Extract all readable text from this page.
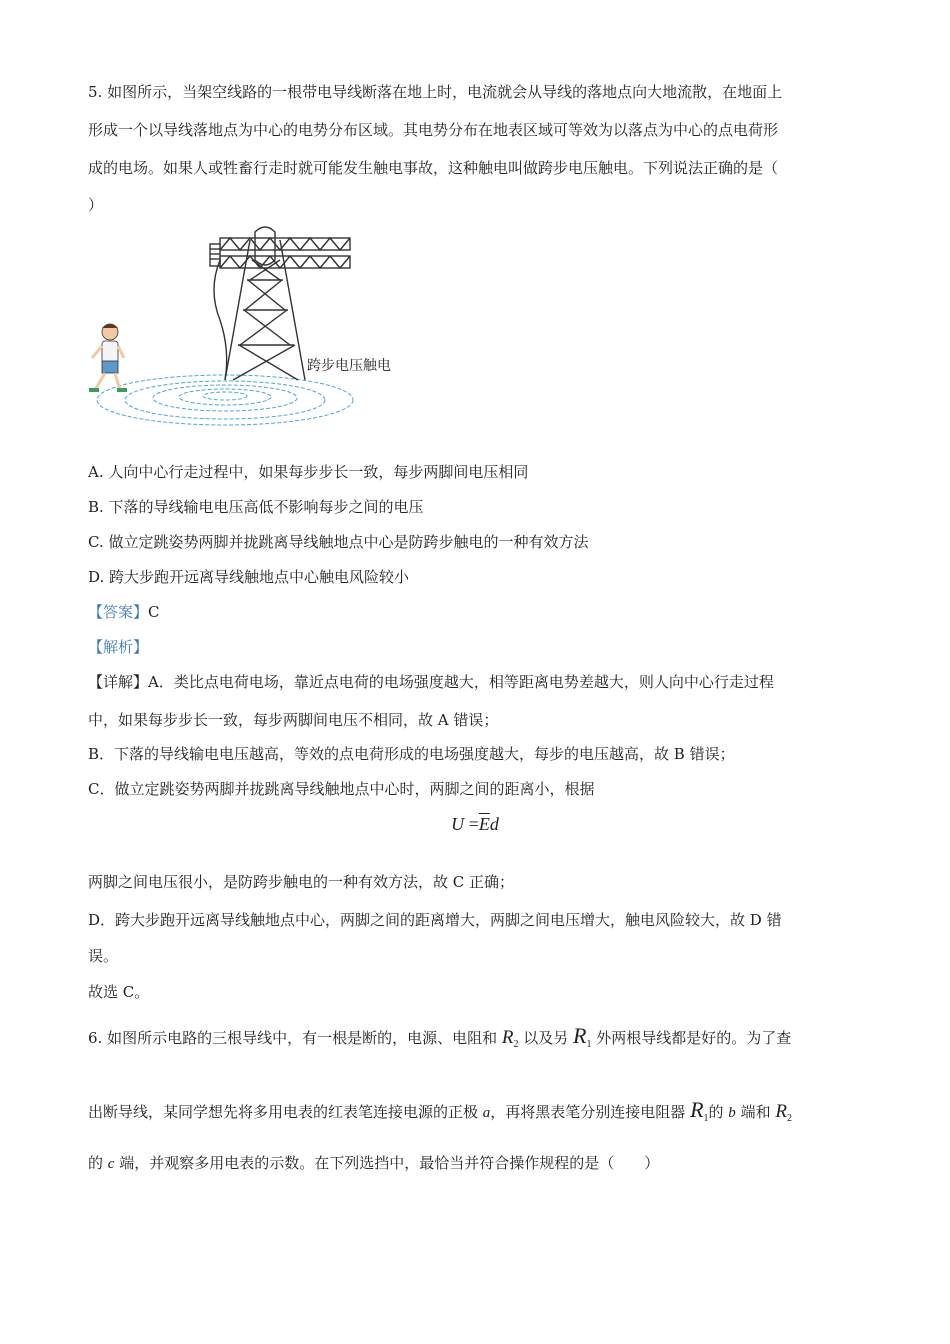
5. 如图所示，当架空线路的一根带电导线断落在地上时，电流就会从导线的落地点向大地流散，在地面上
形成一个以导线落地点为中心的电势分布区域。其电势分布在地表区域可等效为以落点为中心的点电荷形
成的电场。如果人或牲畜行走时就可能发生触电事故，这种触电叫做跨步电压触电。下列说法正确的是（
）
跨步电压触电
A. 人向中心行走过程中，如果每步步长一致，每步两脚间电压相同
B. 下落的导线输电电压高低不影响每步之间的电压
C. 做立定跳姿势两脚并拢跳离导线触地点中心是防跨步触电的一种有效方法
D. 跨大步跑开远离导线触地点中心触电风险较小
【答案】C
【解析】
【详解】A．类比点电荷电场，靠近点电荷的电场强度越大，相等距离电势差越大，则人向中心行走过程
中，如果每步步长一致，每步两脚间电压不相同，故 A 错误；
B．下落的导线输电电压越高，等效的点电荷形成的电场强度越大，每步的电压越高，故 B 错误；
C．做立定跳姿势两脚并拢跳离导线触地点中心时，两脚之间的距离小，根据
$U =\overline{E}d$
两脚之间电压很小，是防跨步触电的一种有效方法，故 C 正确；
D．跨大步跑开远离导线触地点中心，两脚之间的距离增大，两脚之间电压增大，触电风险较大，故 D 错
误。
故选 C。
6. 如图所示电路的三根导线中，有一根是断的，电源、电阻和 $R_2$ 以及另 $R_1$ 外两根导线都是好的。为了查
出断导线，某同学想先将多用电表的红表笔连接电源的正极 a，再将黑表笔分别连接电阻器 $R_1$的 b 端和 $R_2$
的 c 端，并观察多用电表的示数。在下列选挡中，最恰当并符合操作规程的是（　　）
